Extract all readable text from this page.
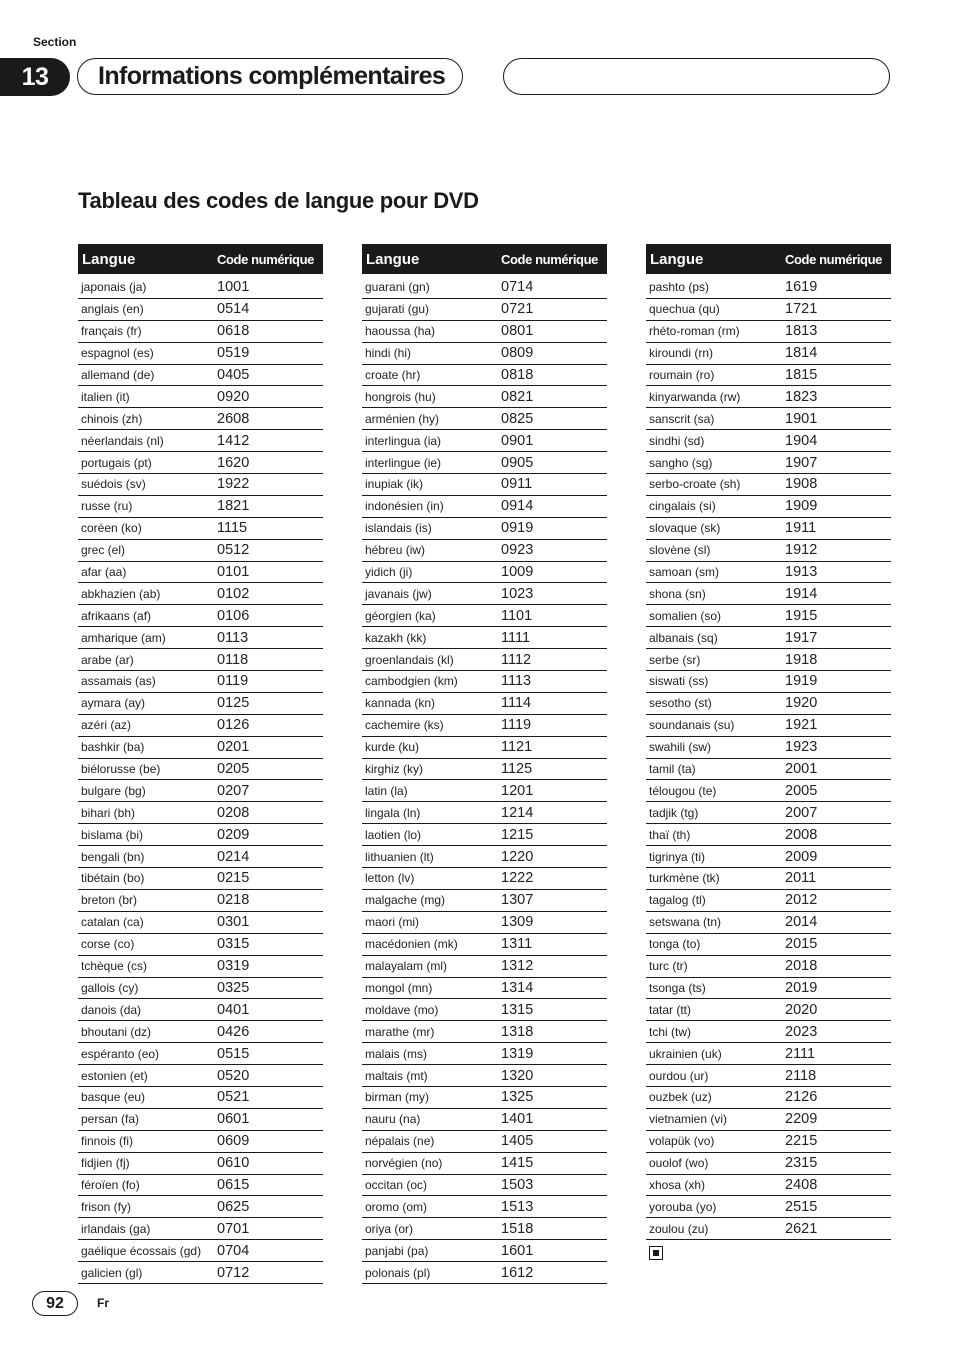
Section
13	Informations complémentaires
Tableau des codes de langue pour DVD
Langue	Code numérique
japonais (ja)	1001
anglais (en)	0514
français (fr)	0618
espagnol (es)	0519
allemand (de)	0405
italien (it)	0920
chinois (zh)	2608
néerlandais (nl)	1412
portugais (pt)	1620
suédois (sv)	1922
russe (ru)	1821
coréen (ko)	1115
grec (el)	0512
afar (aa)	0101
abkhazien (ab)	0102
afrikaans (af)	0106
amharique (am)	0113
arabe (ar)	0118
assamais (as)	0119
aymara (ay)	0125
azéri (az)	0126
bashkir (ba)	0201
biélorusse (be)	0205
bulgare (bg)	0207
bihari (bh)	0208
bislama (bi)	0209
bengali (bn)	0214
tibétain (bo)	0215
breton (br)	0218
catalan (ca)	0301
corse (co)	0315
tchèque (cs)	0319
gallois (cy)	0325
danois (da)	0401
bhoutani (dz)	0426
espéranto (eo)	0515
estonien (et)	0520
basque (eu)	0521
persan (fa)	0601
finnois (fi)	0609
fidjien (fj)	0610
féroïen (fo)	0615
frison (fy)	0625
irlandais (ga)	0701
gaélique écossais (gd)	0704
galicien (gl)	0712
Langue	Code numérique
guarani (gn)	0714
gujarati (gu)	0721
haoussa (ha)	0801
hindi (hi)	0809
croate (hr)	0818
hongrois (hu)	0821
arménien (hy)	0825
interlingua (ia)	0901
interlingue (ie)	0905
inupiak (ik)	0911
indonésien (in)	0914
islandais (is)	0919
hébreu (iw)	0923
yidich (ji)	1009
javanais (jw)	1023
géorgien (ka)	1101
kazakh (kk)	1111
groenlandais (kl)	1112
cambodgien (km)	1113
kannada (kn)	1114
cachemire (ks)	1119
kurde (ku)	1121
kirghiz (ky)	1125
latin (la)	1201
lingala (ln)	1214
laotien (lo)	1215
lithuanien (lt)	1220
letton (lv)	1222
malgache (mg)	1307
maori (mi)	1309
macédonien (mk)	1311
malayalam (ml)	1312
mongol (mn)	1314
moldave (mo)	1315
marathe (mr)	1318
malais (ms)	1319
maltais (mt)	1320
birman (my)	1325
nauru (na)	1401
népalais (ne)	1405
norvégien (no)	1415
occitan (oc)	1503
oromo (om)	1513
oriya (or)	1518
panjabi (pa)	1601
polonais (pl)	1612
Langue	Code numérique
pashto (ps)	1619
quechua (qu)	1721
rhéto-roman (rm)	1813
kiroundi (rn)	1814
roumain (ro)	1815
kinyarwanda (rw)	1823
sanscrit (sa)	1901
sindhi (sd)	1904
sangho (sg)	1907
serbo-croate (sh)	1908
cingalais (si)	1909
slovaque (sk)	1911
slovène (sl)	1912
samoan (sm)	1913
shona (sn)	1914
somalien (so)	1915
albanais (sq)	1917
serbe (sr)	1918
siswati (ss)	1919
sesotho (st)	1920
soundanais (su)	1921
swahili (sw)	1923
tamil (ta)	2001
télougou (te)	2005
tadjik (tg)	2007
thaï (th)	2008
tigrinya (ti)	2009
turkmène (tk)	2011
tagalog (tl)	2012
setswana (tn)	2014
tonga (to)	2015
turc (tr)	2018
tsonga (ts)	2019
tatar (tt)	2020
tchi (tw)	2023
ukrainien (uk)	2111
ourdou (ur)	2118
ouzbek (uz)	2126
vietnamien (vi)	2209
volapük (vo)	2215
ouolof (wo)	2315
xhosa (xh)	2408
yorouba (yo)	2515
zoulou (zu)	2621
92	Fr
